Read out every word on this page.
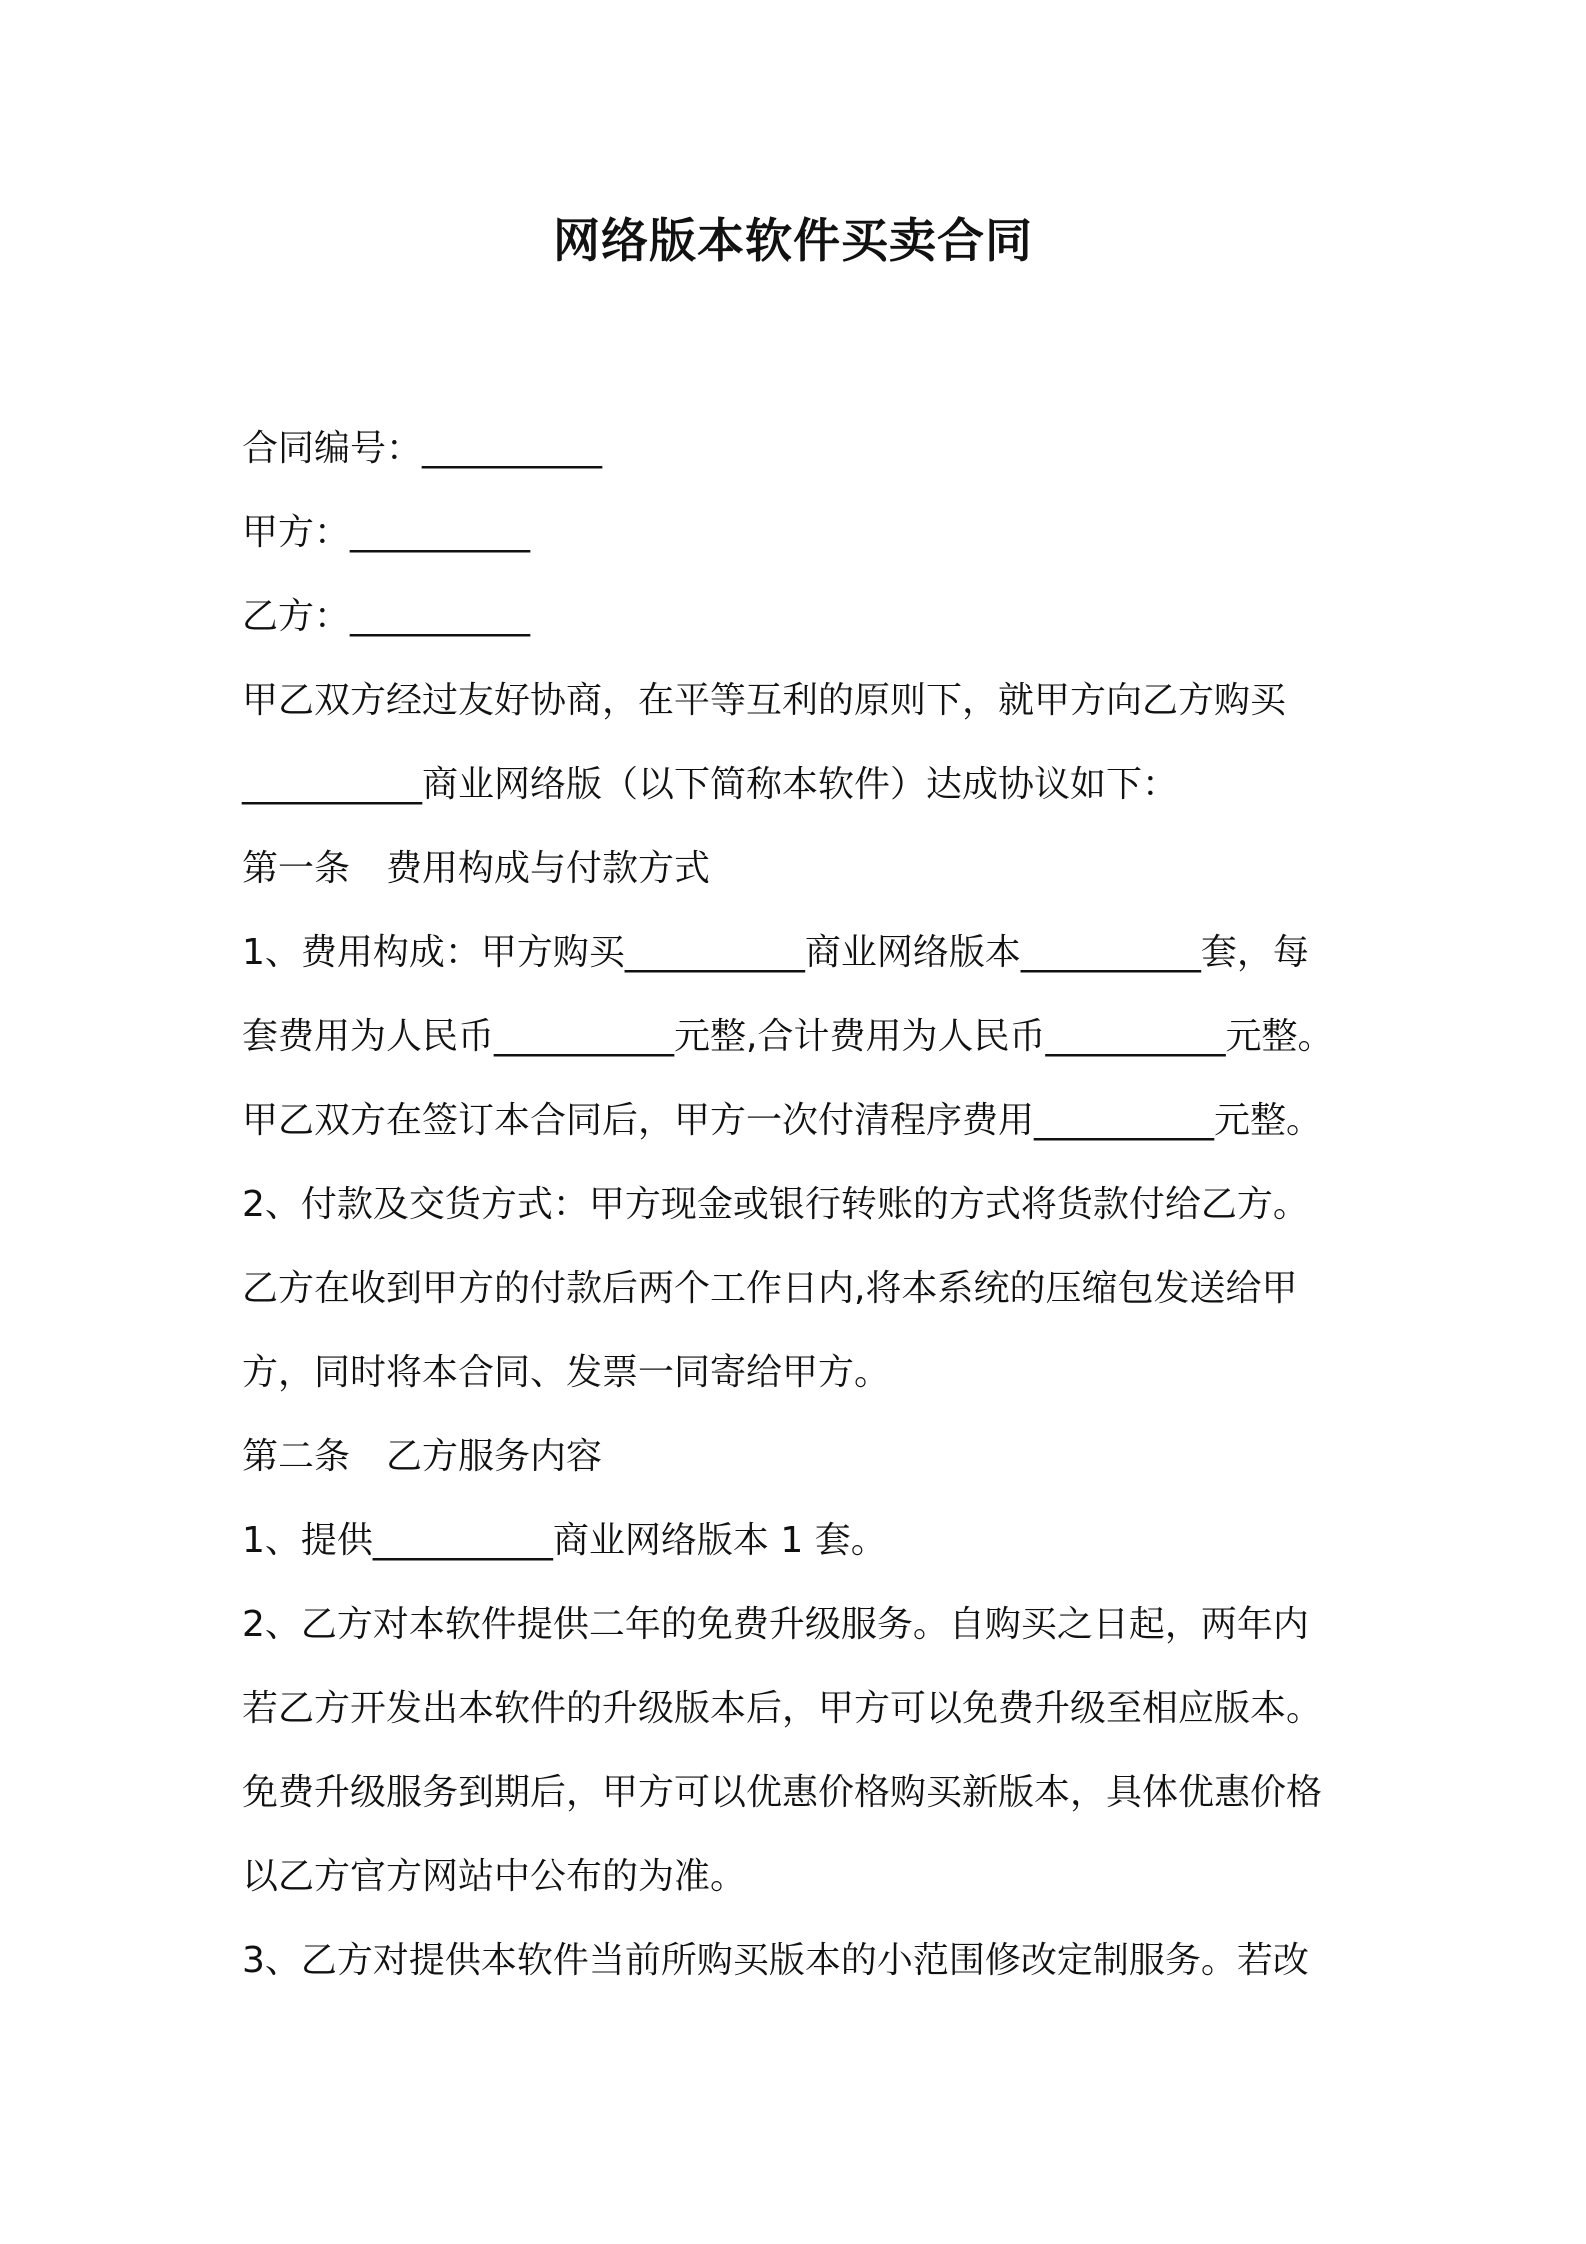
网络版本软件买卖合同
合同编号：__________
甲方：__________
乙方：__________
甲乙双方经过友好协商，在平等互利的原则下，就甲方向乙方购买
__________商业网络版（以下简称本软件）达成协议如下：
第一条　费用构成与付款方式
1、费用构成：甲方购买__________商业网络版本__________套，每
套费用为人民币__________元整,合计费用为人民币__________元整。
甲乙双方在签订本合同后，甲方一次付清程序费用__________元整。
2、付款及交货方式：甲方现金或银行转账的方式将货款付给乙方。
乙方在收到甲方的付款后两个工作日内,将本系统的压缩包发送给甲
方，同时将本合同、发票一同寄给甲方。
第二条　乙方服务内容
1、提供__________商业网络版本 1 套。
2、乙方对本软件提供二年的免费升级服务。自购买之日起，两年内
若乙方开发出本软件的升级版本后，甲方可以免费升级至相应版本。
免费升级服务到期后，甲方可以优惠价格购买新版本，具体优惠价格
以乙方官方网站中公布的为准。
3、乙方对提供本软件当前所购买版本的小范围修改定制服务。若改
